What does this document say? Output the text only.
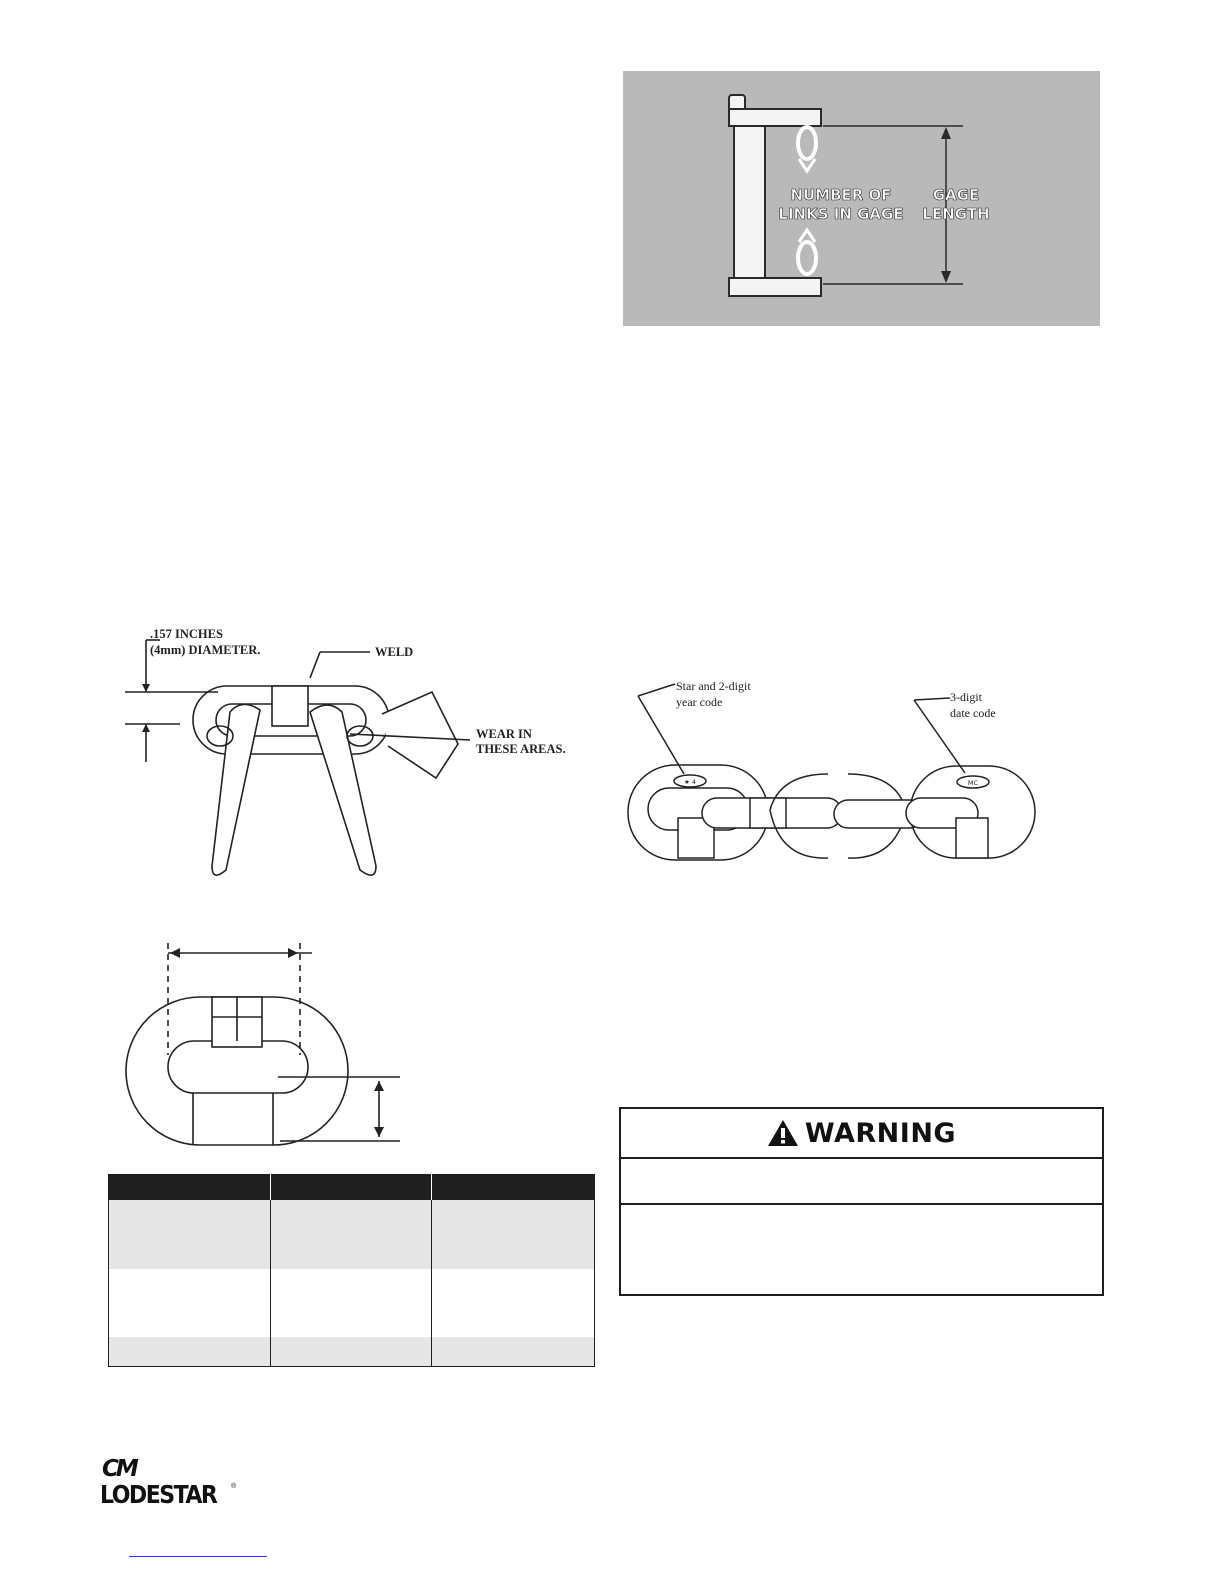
NUMBER OF
LINKS IN GAGE
GAGE
LENGTH
.157 INCHES
(4mm) DIAMETER.	WELD
WEAR IN
THESE AREAS.
Star and 2-digit
year code	3-digit
date code
★ 4	MC

WARNING
CM
LODESTAR ®
